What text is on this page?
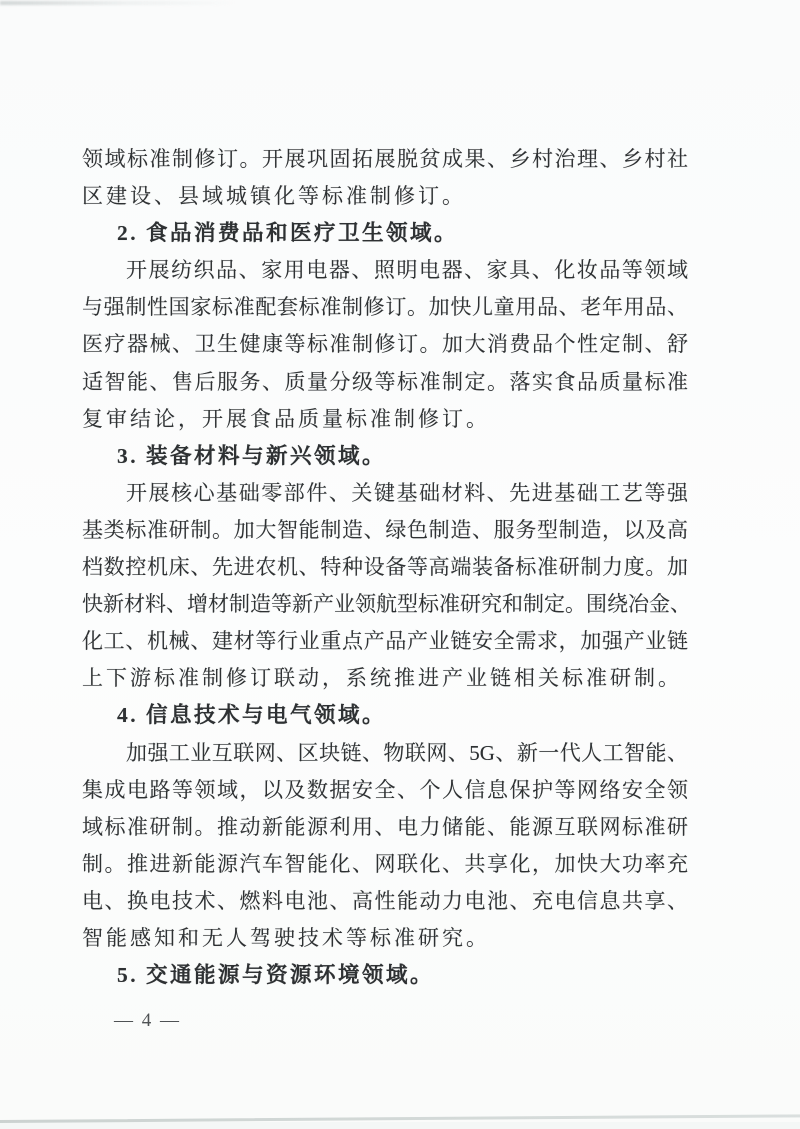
领域标准制修订。开展巩固拓展脱贫成果、乡村治理、乡村社
区建设、县域城镇化等标准制修订。
2. 食品消费品和医疗卫生领域。
开展纺织品、家用电器、照明电器、家具、化妆品等领域
与强制性国家标准配套标准制修订。加快儿童用品、老年用品、
医疗器械、卫生健康等标准制修订。加大消费品个性定制、舒
适智能、售后服务、质量分级等标准制定。落实食品质量标准
复审结论，开展食品质量标准制修订。
3. 装备材料与新兴领域。
开展核心基础零部件、关键基础材料、先进基础工艺等强
基类标准研制。加大智能制造、绿色制造、服务型制造，以及高
档数控机床、先进农机、特种设备等高端装备标准研制力度。加
快新材料、增材制造等新产业领航型标准研究和制定。围绕冶金、
化工、机械、建材等行业重点产品产业链安全需求，加强产业链
上下游标准制修订联动，系统推进产业链相关标准研制。
4. 信息技术与电气领域。
加强工业互联网、区块链、物联网、5G、新一代人工智能、
集成电路等领域，以及数据安全、个人信息保护等网络安全领
域标准研制。推动新能源利用、电力储能、能源互联网标准研
制。推进新能源汽车智能化、网联化、共享化，加快大功率充
电、换电技术、燃料电池、高性能动力电池、充电信息共享、
智能感知和无人驾驶技术等标准研究。
5. 交通能源与资源环境领域。
— 4 —
